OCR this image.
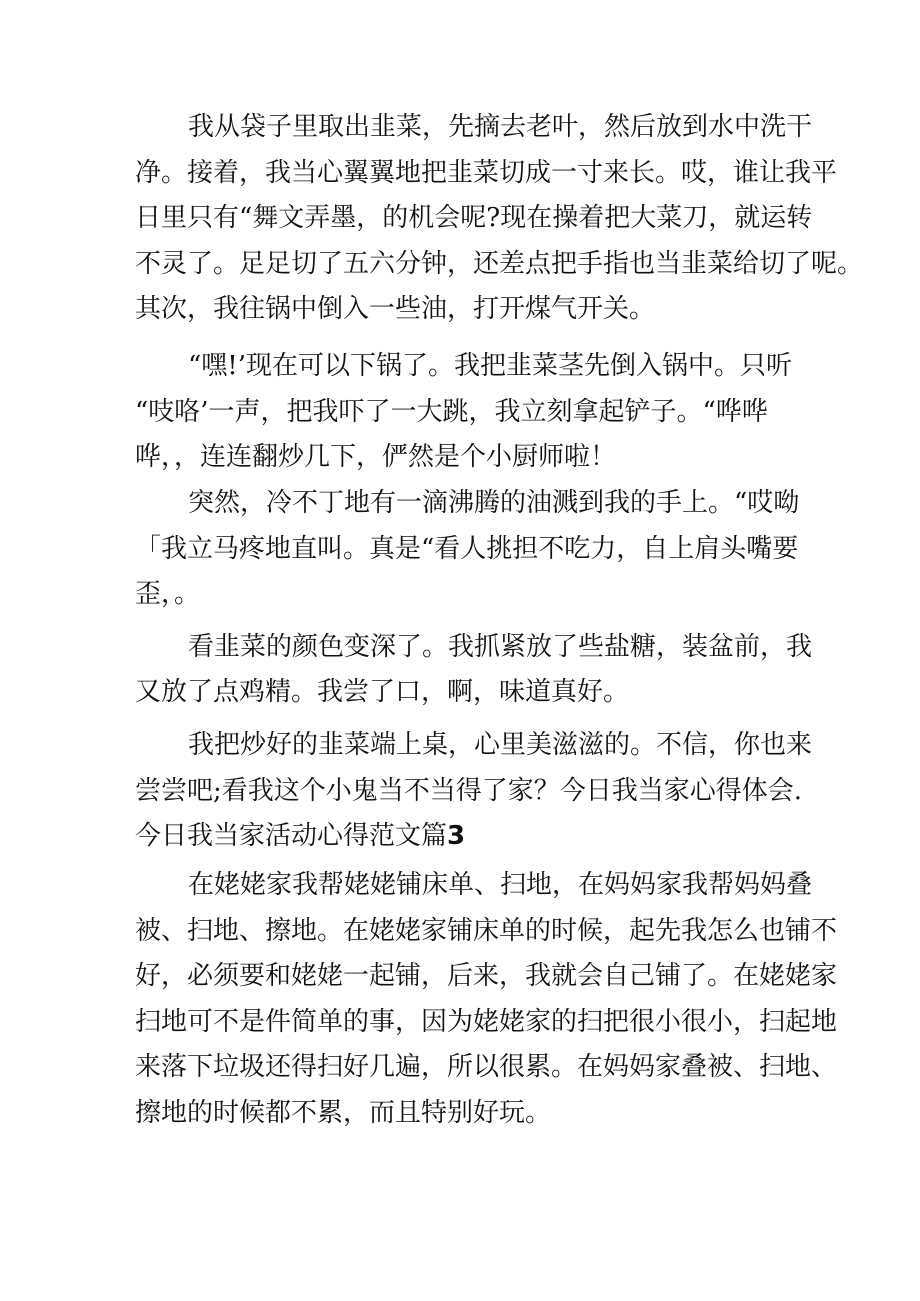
我从袋子里取出韭菜，先摘去老叶，然后放到水中洗干

净。接着，我当心翼翼地把韭菜切成一寸来长。哎，谁让我平

日里只有“舞文弄墨，的机会呢?现在操着把大菜刀，就运转

不灵了。足足切了五六分钟，还差点把手指也当韭菜给切了呢。

其次，我往锅中倒入一些油，打开煤气开关。

“嘿!’现在可以下锅了。我把韭菜茎先倒入锅中。只听

“吱咯’一声，把我吓了一大跳，我立刻拿起铲子。“哗哗

哗，，连连翻炒几下，俨然是个小厨师啦！

突然，冷不丁地有一滴沸腾的油溅到我的手上。“哎呦

「我立马疼地直叫。真是“看人挑担不吃力，自上肩头嘴要

歪，。

看韭菜的颜色变深了。我抓紧放了些盐糖，装盆前，我

又放了点鸡精。我尝了口，啊，味道真好。

我把炒好的韭菜端上桌，心里美滋滋的。不信，你也来

尝尝吧;看我这个小鬼当不当得了家？今日我当家心得体会.

今日我当家活动心得范文篇3

在姥姥家我帮姥姥铺床单、扫地，在妈妈家我帮妈妈叠

被、扫地、擦地。在姥姥家铺床单的时候，起先我怎么也铺不

好，必须要和姥姥一起铺，后来，我就会自己铺了。在姥姥家

扫地可不是件简单的事，因为姥姥家的扫把很小很小，扫起地

来落下垃圾还得扫好几遍，所以很累。在妈妈家叠被、扫地、

擦地的时候都不累，而且特别好玩。
